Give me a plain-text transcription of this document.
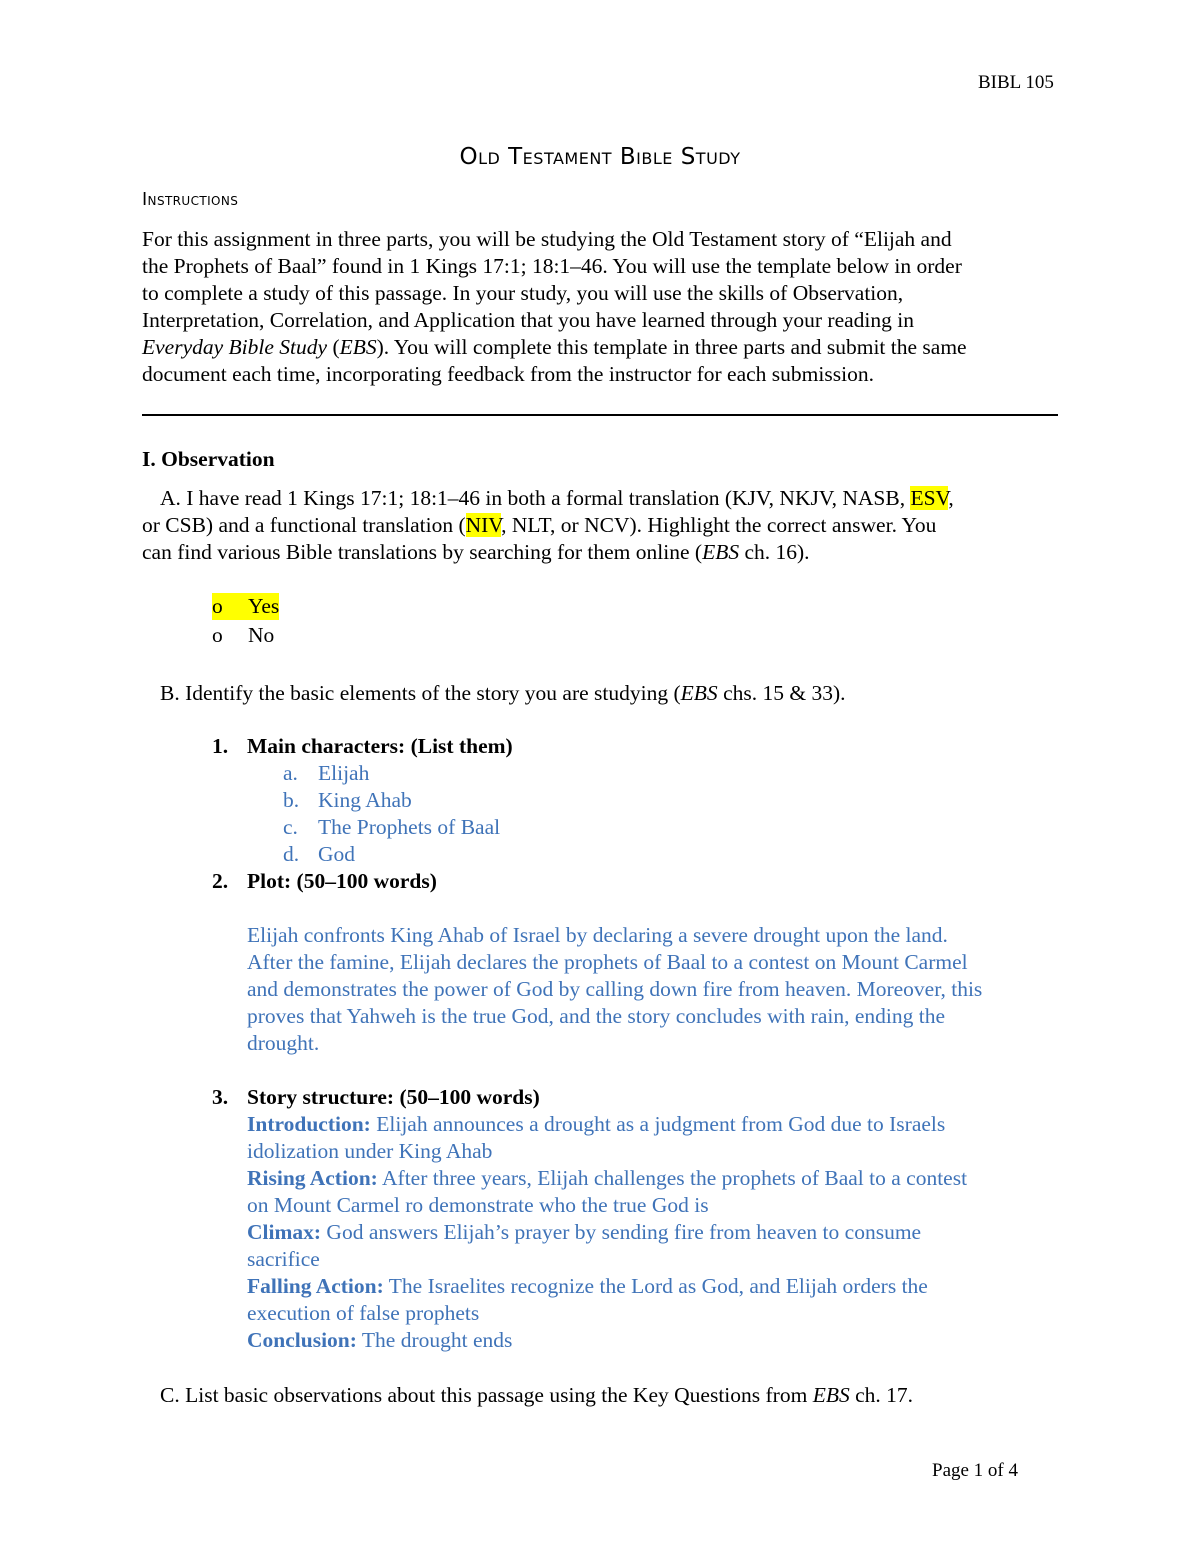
BIBL 105
Old Testament Bible Study
Instructions
For this assignment in three parts, you will be studying the Old Testament story of “Elijah and
the Prophets of Baal” found in 1 Kings 17:1; 18:1–46. You will use the template below in order
to complete a study of this passage. In your study, you will use the skills of Observation,
Interpretation, Correlation, and Application that you have learned through your reading in
Everyday Bible Study (EBS). You will complete this template in three parts and submit the same
document each time, incorporating feedback from the instructor for each submission.
I. Observation
A. I have read 1 Kings 17:1; 18:1–46 in both a formal translation (KJV, NKJV, NASB, ESV,
or CSB) and a functional translation (NIV, NLT, or NCV). Highlight the correct answer. You
can find various Bible translations by searching for them online (EBS ch. 16).
o Yes
o No
B. Identify the basic elements of the story you are studying (EBS chs. 15 & 33).
1. Main characters: (List them)
a. Elijah
b. King Ahab
c. The Prophets of Baal
d. God
2. Plot: (50–100 words)
Elijah confronts King Ahab of Israel by declaring a severe drought upon the land.
After the famine, Elijah declares the prophets of Baal to a contest on Mount Carmel
and demonstrates the power of God by calling down fire from heaven. Moreover, this
proves that Yahweh is the true God, and the story concludes with rain, ending the
drought.
3. Story structure: (50–100 words)
Introduction: Elijah announces a drought as a judgment from God due to Israels
idolization under King Ahab
Rising Action: After three years, Elijah challenges the prophets of Baal to a contest
on Mount Carmel ro demonstrate who the true God is
Climax: God answers Elijah’s prayer by sending fire from heaven to consume
sacrifice
Falling Action: The Israelites recognize the Lord as God, and Elijah orders the
execution of false prophets
Conclusion: The drought ends
C. List basic observations about this passage using the Key Questions from EBS ch. 17.
Page 1 of 4
